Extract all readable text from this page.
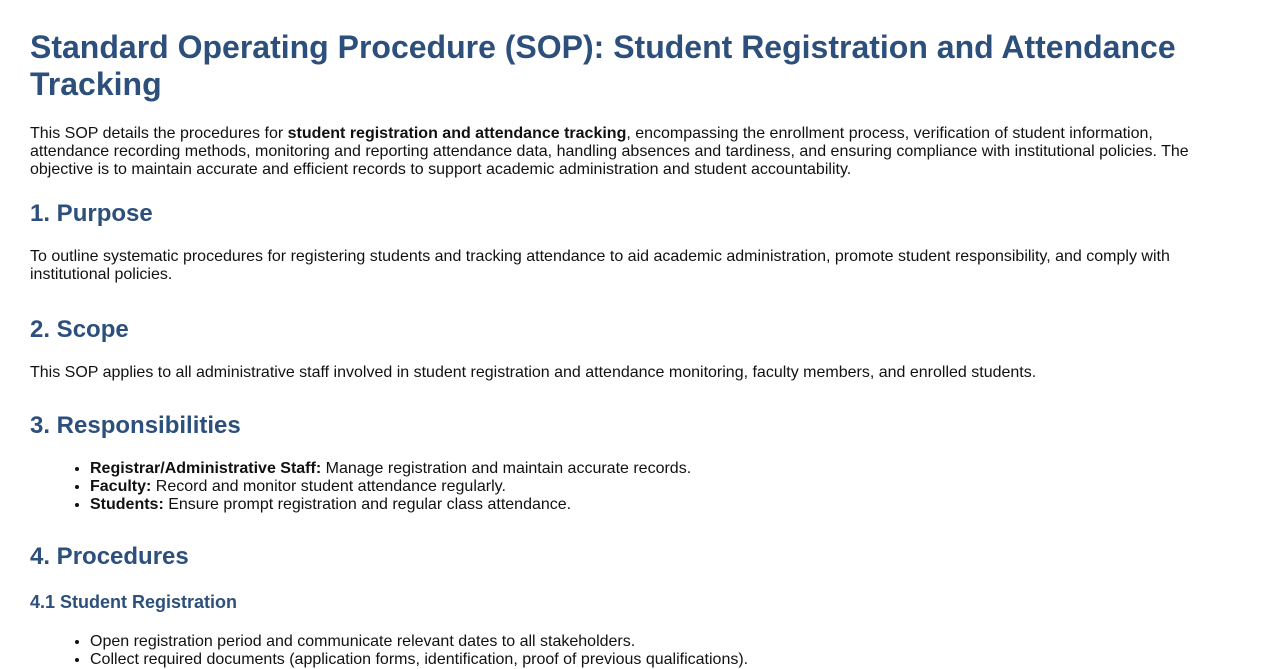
Standard Operating Procedure (SOP): Student Registration and Attendance Tracking

This SOP details the procedures for student registration and attendance tracking, encompassing the enrollment process, verification of student information, attendance recording methods, monitoring and reporting attendance data, handling absences and tardiness, and ensuring compliance with institutional policies. The objective is to maintain accurate and efficient records to support academic administration and student accountability.

1. Purpose

To outline systematic procedures for registering students and tracking attendance to aid academic administration, promote student responsibility, and comply with institutional policies.

2. Scope

This SOP applies to all administrative staff involved in student registration and attendance monitoring, faculty members, and enrolled students.

3. Responsibilities
• Registrar/Administrative Staff: Manage registration and maintain accurate records.
• Faculty: Record and monitor student attendance regularly.
• Students: Ensure prompt registration and regular class attendance.
4. Procedures
4.1 Student Registration
• Open registration period and communicate relevant dates to all stakeholders.
• Collect required documents (application forms, identification, proof of previous qualifications).
